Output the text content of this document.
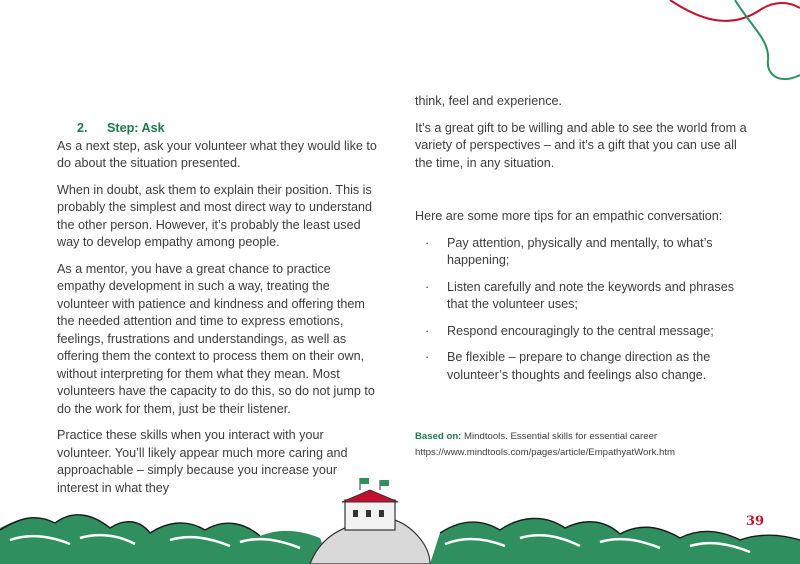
2. Step: Ask

As a next step, ask your volunteer what they would like to do about the situation presented.

When in doubt, ask them to explain their position. This is probably the simplest and most direct way to understand the other person. However, it’s probably the least used way to develop empathy among people.

As a mentor, you have a great chance to practice empathy development in such a way, treating the volunteer with patience and kindness and offering them the needed attention and time to express emotions, feelings, frustrations and understandings, as well as offering them the context to process them on their own, without interpreting for them what they mean. Most volunteers have the capacity to do this, so do not jump to do the work for them, just be their listener.

Practice these skills when you interact with your volunteer. You’ll likely appear much more caring and approachable – simply because you increase your interest in what they

think, feel and experience.

It’s a great gift to be willing and able to see the world from a variety of perspectives – and it’s a gift that you can use all the time, in any situation.

Here are some more tips for an empathic conversation:

· Pay attention, physically and mentally, to what’s happening;
· Listen carefully and note the keywords and phrases that the volunteer uses;
· Respond encouragingly to the central message;
· Be flexible – prepare to change direction as the volunteer’s thoughts and feelings also change.
Based on: Mindtools. Essential skills for essential career
https://www.mindtools.com/pages/article/EmpathyatWork.htm
39
